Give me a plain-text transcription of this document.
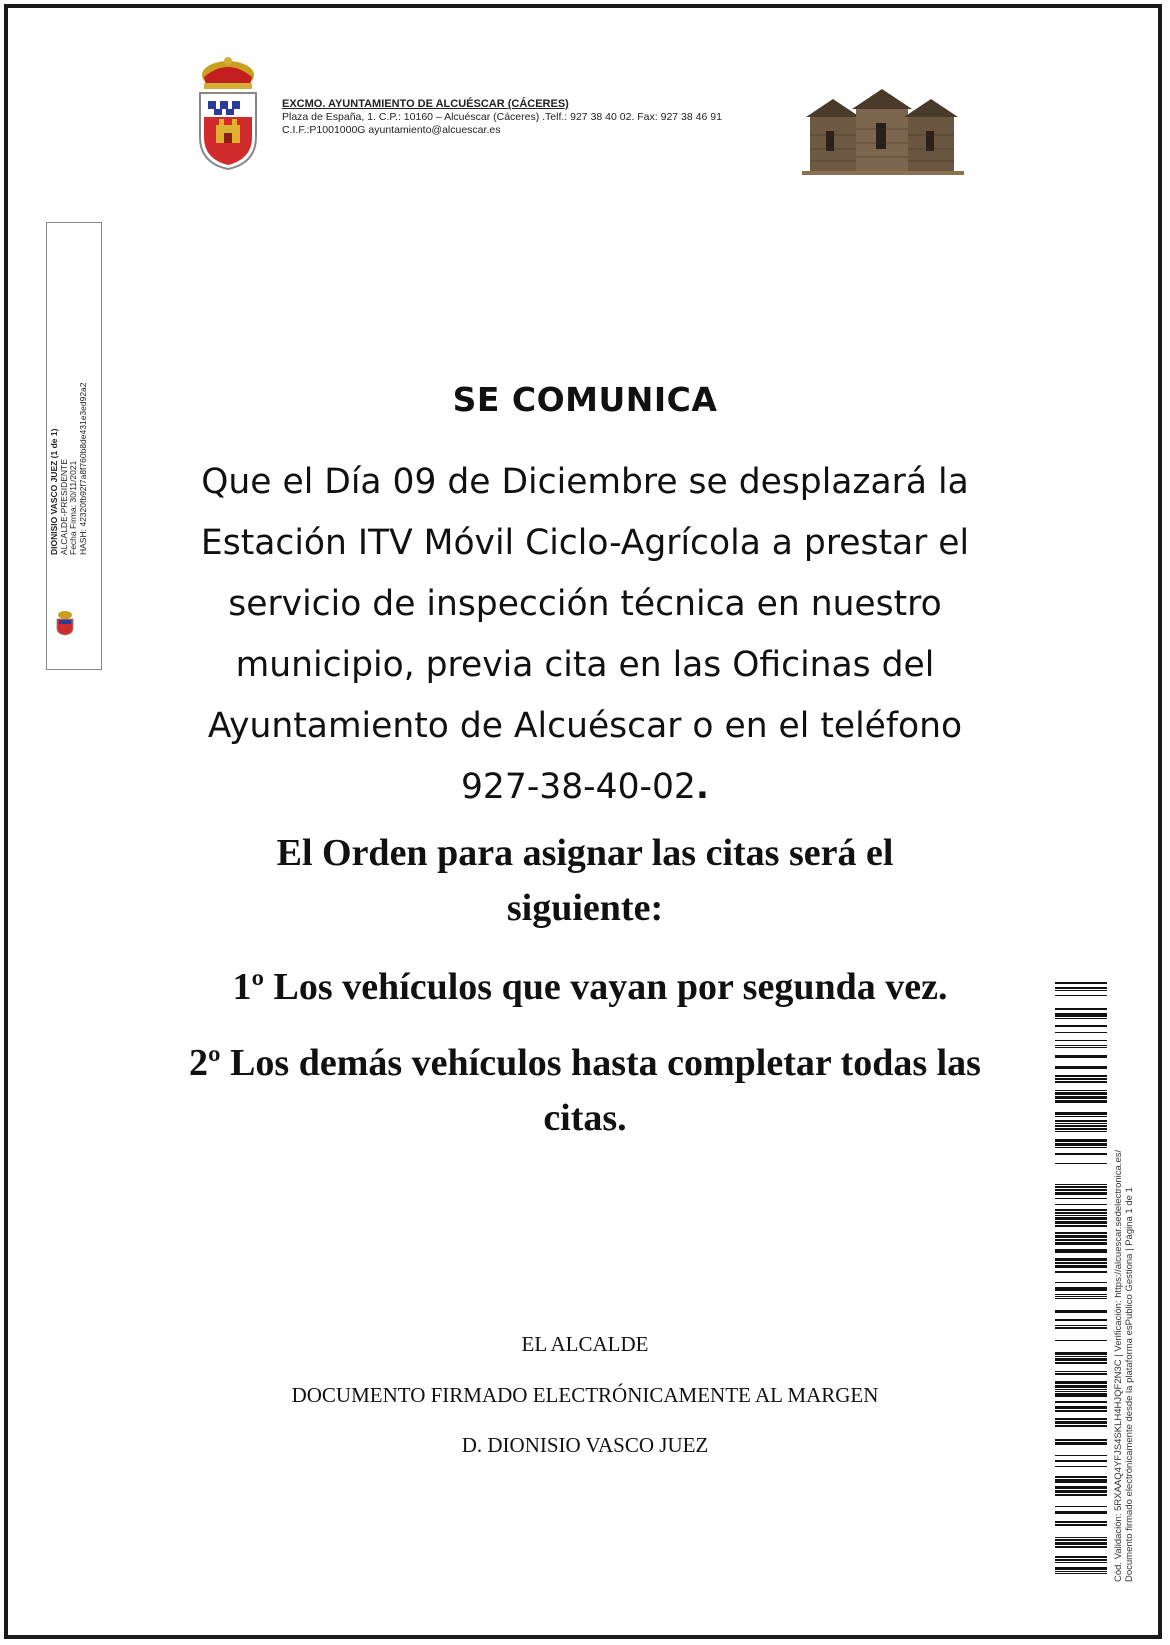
EXCMO. AYUNTAMIENTO DE ALCUÉSCAR (CÁCERES)
Plaza de España, 1. C.P.: 10160 – Alcuéscar (Cáceres) .Telf.: 927 38 40 02. Fax: 927 38 46 91
C.I.F.:P1001000G ayuntamiento@alcuescar.es
DIONISIO VASCO JUEZ (1 de 1) ALCALDE-PRESIDENTE Fecha Firma: 30/11/2021 HASH: 42320fb92f7a8f760b8de431e3ed92a2	SE COMUNICA
Que el Día 09 de Diciembre se desplazará la Estación ITV Móvil Ciclo-Agrícola a prestar el servicio de inspección técnica en nuestro municipio, previa cita en las Oficinas del Ayuntamiento de Alcuéscar o en el teléfono 927-38-40-02.
El Orden para asignar las citas será el siguiente:
1º Los vehículos que vayan por segunda vez.
2º Los demás vehículos hasta completar todas las citas.
EL ALCALDE
DOCUMENTO FIRMADO ELECTRÓNICAMENTE AL MARGEN
D. DIONISIO VASCO JUEZ	Cód. Validación: 5RXAAQ4YFJS4SKLH4HJQF2N3C | Verificación: https://alcuescar.sedelectronica.es/ Documento firmado electrónicamente desde la plataforma esPublico Gestiona | Página 1 de 1
